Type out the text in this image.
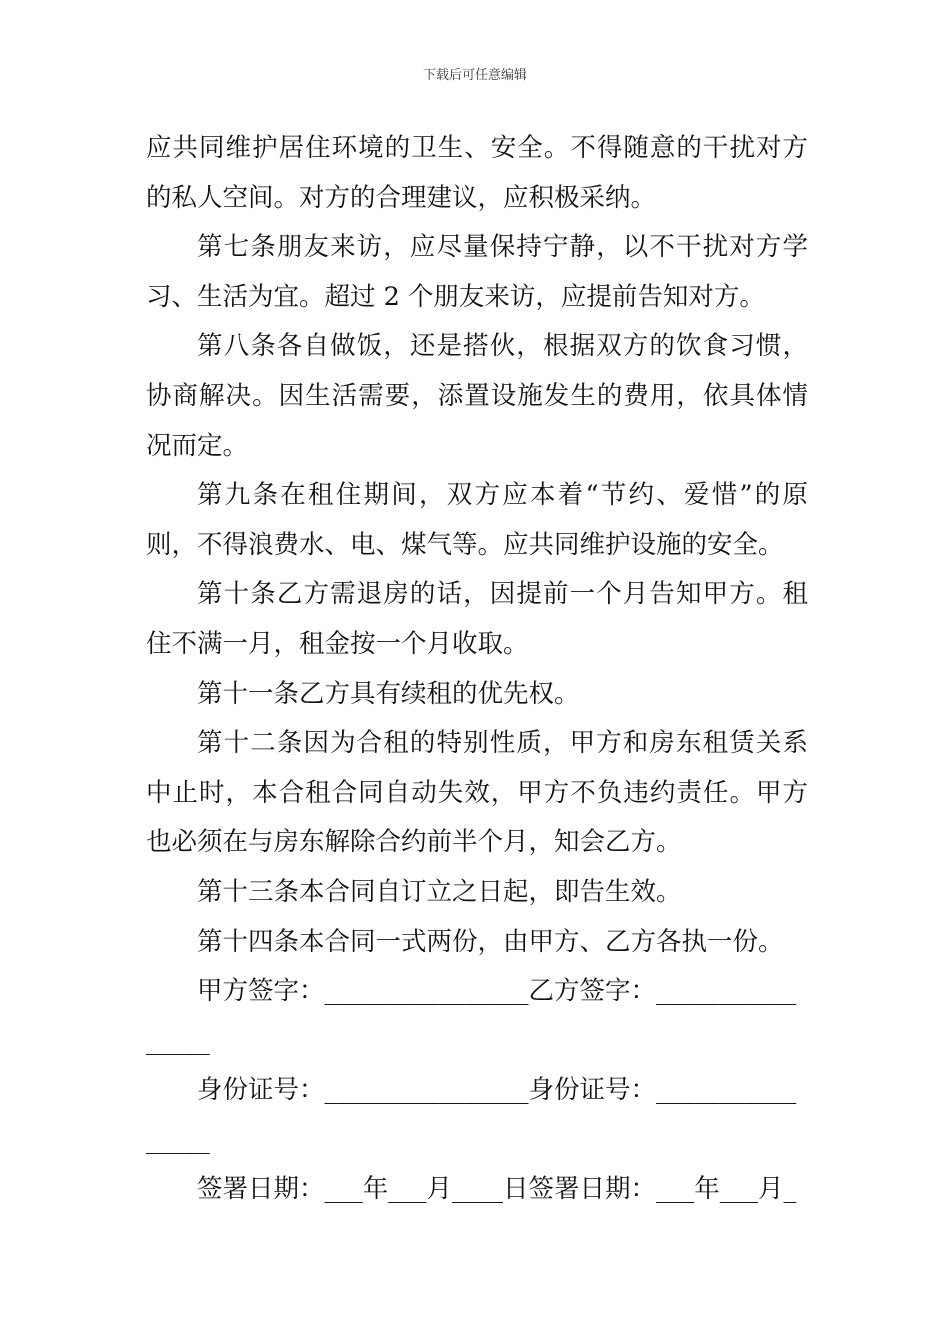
下载后可任意编辑

应共同维护居住环境的卫生、安全。不得随意的干扰对方的私人空间。对方的合理建议，应积极采纳。

第七条朋友来访，应尽量保持宁静，以不干扰对方学习、生活为宜。超过 2 个朋友来访，应提前告知对方。

第八条各自做饭，还是搭伙，根据双方的饮食习惯，协商解决。因生活需要，添置设施发生的费用，依具体情况而定。

第九条在租住期间，双方应本着“节约、爱惜”的原则，不得浪费水、电、煤气等。应共同维护设施的安全。

第十条乙方需退房的话，因提前一个月告知甲方。租住不满一月，租金按一个月收取。

第十一条乙方具有续租的优先权。

第十二条因为合租的特别性质，甲方和房东租赁关系中止时，本合租合同自动失效，甲方不负违约责任。甲方也必须在与房东解除合约前半个月，知会乙方。

第十三条本合同自订立之日起，即告生效。

第十四条本合同一式两份，由甲方、乙方各执一份。

甲方签字：________________乙方签字：________________

身份证号：________________身份证号：________________

签署日期：___年___月____日签署日期：___年___月_
